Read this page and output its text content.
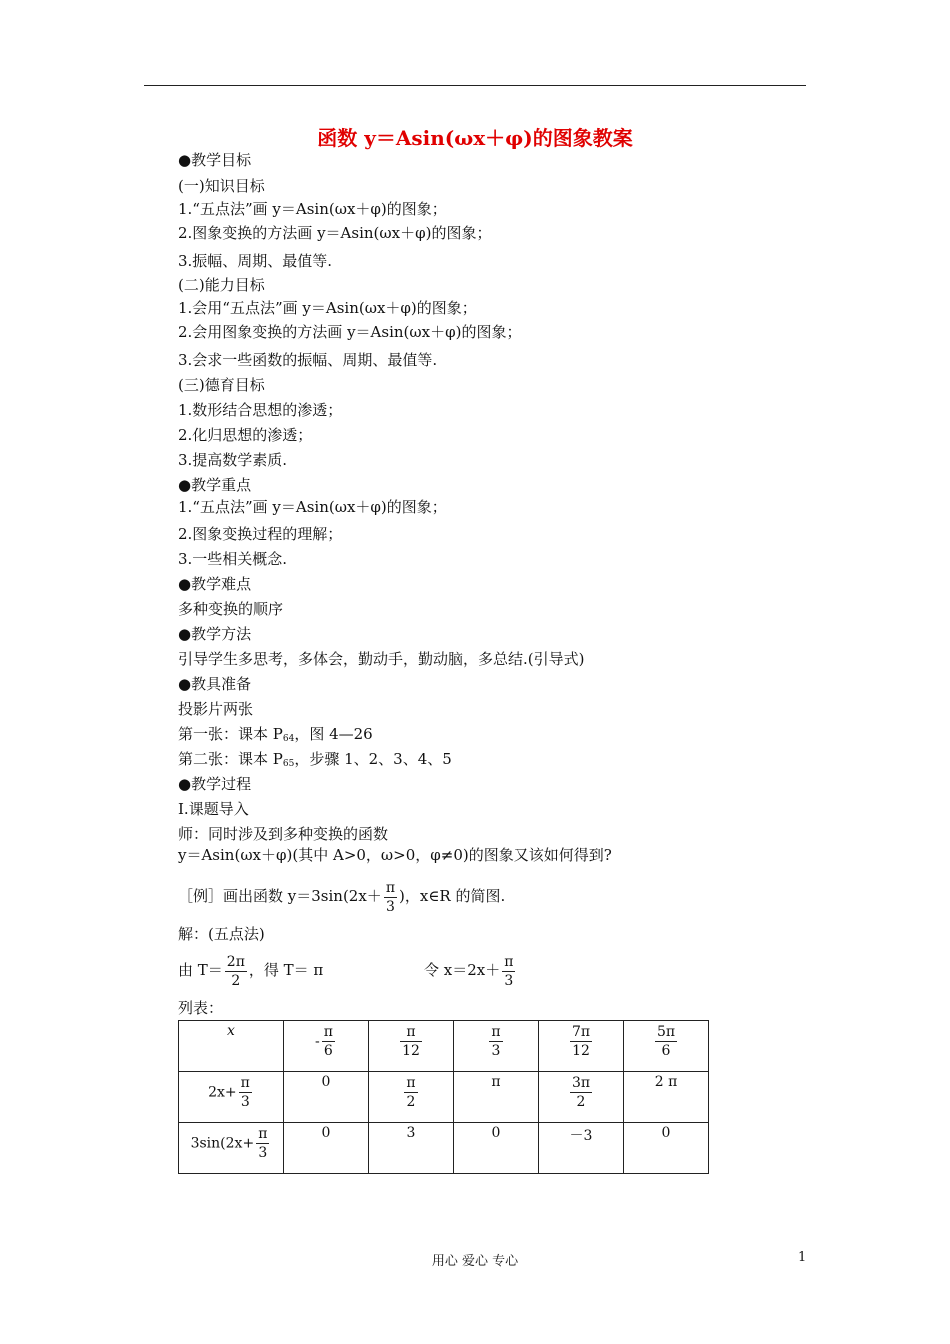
函数 y＝Asin(ωx＋φ)的图象教案
●教学目标
(一)知识目标
1.“五点法”画 y＝Asin(ωx＋φ)的图象；
2.图象变换的方法画 y＝Asin(ωx＋φ)的图象；
3.振幅、周期、最值等.
(二)能力目标
1.会用“五点法”画 y＝Asin(ωx＋φ)的图象；
2.会用图象变换的方法画 y＝Asin(ωx＋φ)的图象；
3.会求一些函数的振幅、周期、最值等.
(三)德育目标
1.数形结合思想的渗透；
2.化归思想的渗透；
3.提高数学素质.
●教学重点
1.“五点法”画 y＝Asin(ωx＋φ)的图象；
2.图象变换过程的理解；
3.一些相关概念.
●教学难点
多种变换的顺序
●教学方法
引导学生多思考，多体会，勤动手，勤动脑，多总结.(引导式)
●教具准备
投影片两张
第一张：课本 $P_{64}$，图 4—26
第二张：课本 $P_{65}$，步骤 1、2、3、4、5
●教学过程
Ⅰ.课题导入
师：同时涉及到多种变换的函数
y＝Asin(ωx＋φ)(其中 A>0，ω>0，φ≠0)的图象又该如何得到?
［例］画出函数 $y=3\sin(2x+ \frac{\pi}{3}$ )，x∈R 的简图.
解：(五点法)
由 $T= \frac{2\pi}{2}$ ，得 T＝ π	令 $x=2x+ \frac{\pi}{3}$
列表：
x	- $\frac{\pi}{6}$	$\frac{\pi}{12}$	$\frac{\pi}{3}$	$\frac{7\pi}{12}$	$\frac{5\pi}{6}$

$2x+ \frac{\pi}{3}$	0	$\frac{\pi}{2}$	π	$\frac{3\pi}{2}$	2 π
$3\sin(2x+ \frac{\pi}{3}$	0	3	0	－3	0
用心 爱心 专心	1
